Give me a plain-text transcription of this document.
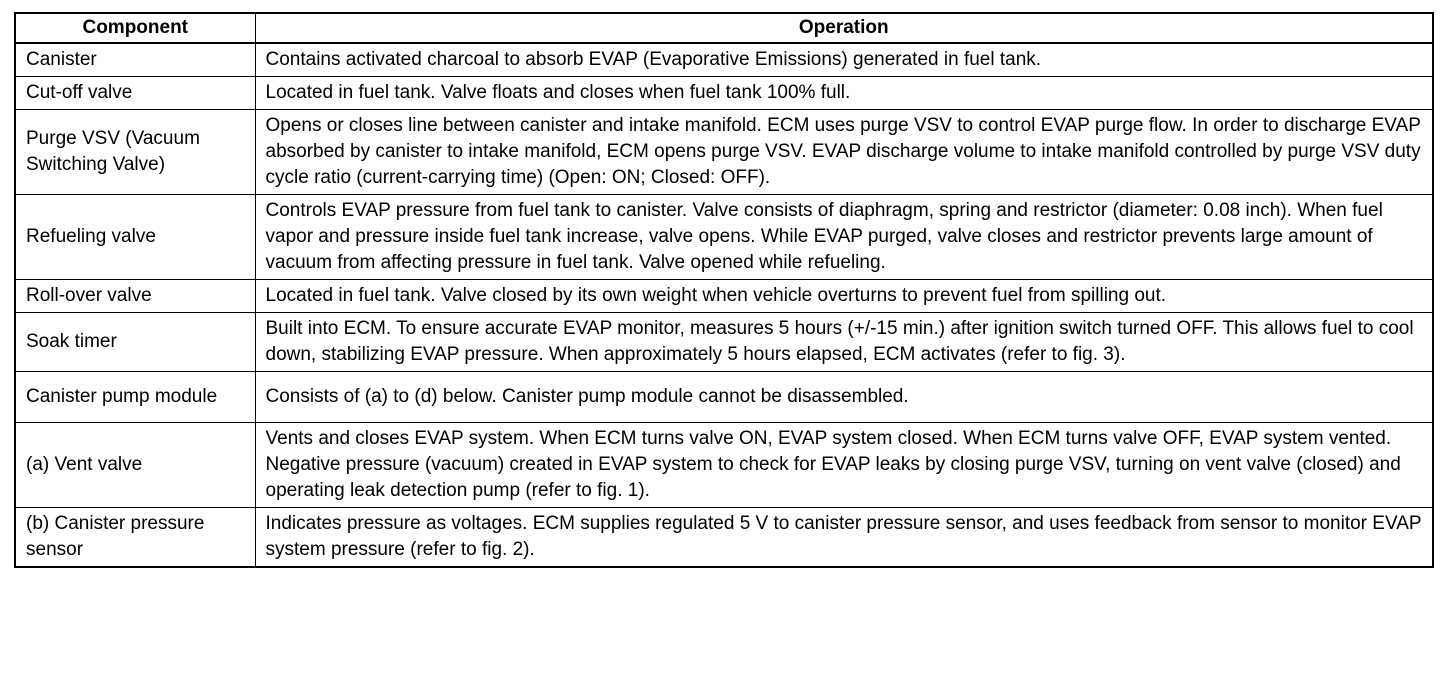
Component	Operation
Canister	Contains activated charcoal to absorb EVAP (Evaporative Emissions) generated in fuel tank.
Cut-off valve	Located in fuel tank. Valve floats and closes when fuel tank 100% full.
Purge VSV (Vacuum Switching Valve)	Opens or closes line between canister and intake manifold. ECM uses purge VSV to control EVAP purge flow. In order to discharge EVAP absorbed by canister to intake manifold, ECM opens purge VSV. EVAP discharge volume to intake manifold controlled by purge VSV duty cycle ratio (current-carrying time) (Open: ON; Closed: OFF).
Refueling valve	Controls EVAP pressure from fuel tank to canister. Valve consists of diaphragm, spring and restrictor (diameter: 0.08 inch). When fuel vapor and pressure inside fuel tank increase, valve opens. While EVAP purged, valve closes and restrictor prevents large amount of vacuum from affecting pressure in fuel tank. Valve opened while refueling.
Roll-over valve	Located in fuel tank. Valve closed by its own weight when vehicle overturns to prevent fuel from spilling out.
Soak timer	Built into ECM. To ensure accurate EVAP monitor, measures 5 hours (+/-15 min.) after ignition switch turned OFF. This allows fuel to cool down, stabilizing EVAP pressure. When approximately 5 hours elapsed, ECM activates (refer to fig. 3).
Canister pump module	Consists of (a) to (d) below. Canister pump module cannot be disassembled.
(a) Vent valve	Vents and closes EVAP system. When ECM turns valve ON, EVAP system closed. When ECM turns valve OFF, EVAP system vented. Negative pressure (vacuum) created in EVAP system to check for EVAP leaks by closing purge VSV, turning on vent valve (closed) and operating leak detection pump (refer to fig. 1).
(b) Canister pressure sensor	Indicates pressure as voltages. ECM supplies regulated 5 V to canister pressure sensor, and uses feedback from sensor to monitor EVAP system pressure (refer to fig. 2).
